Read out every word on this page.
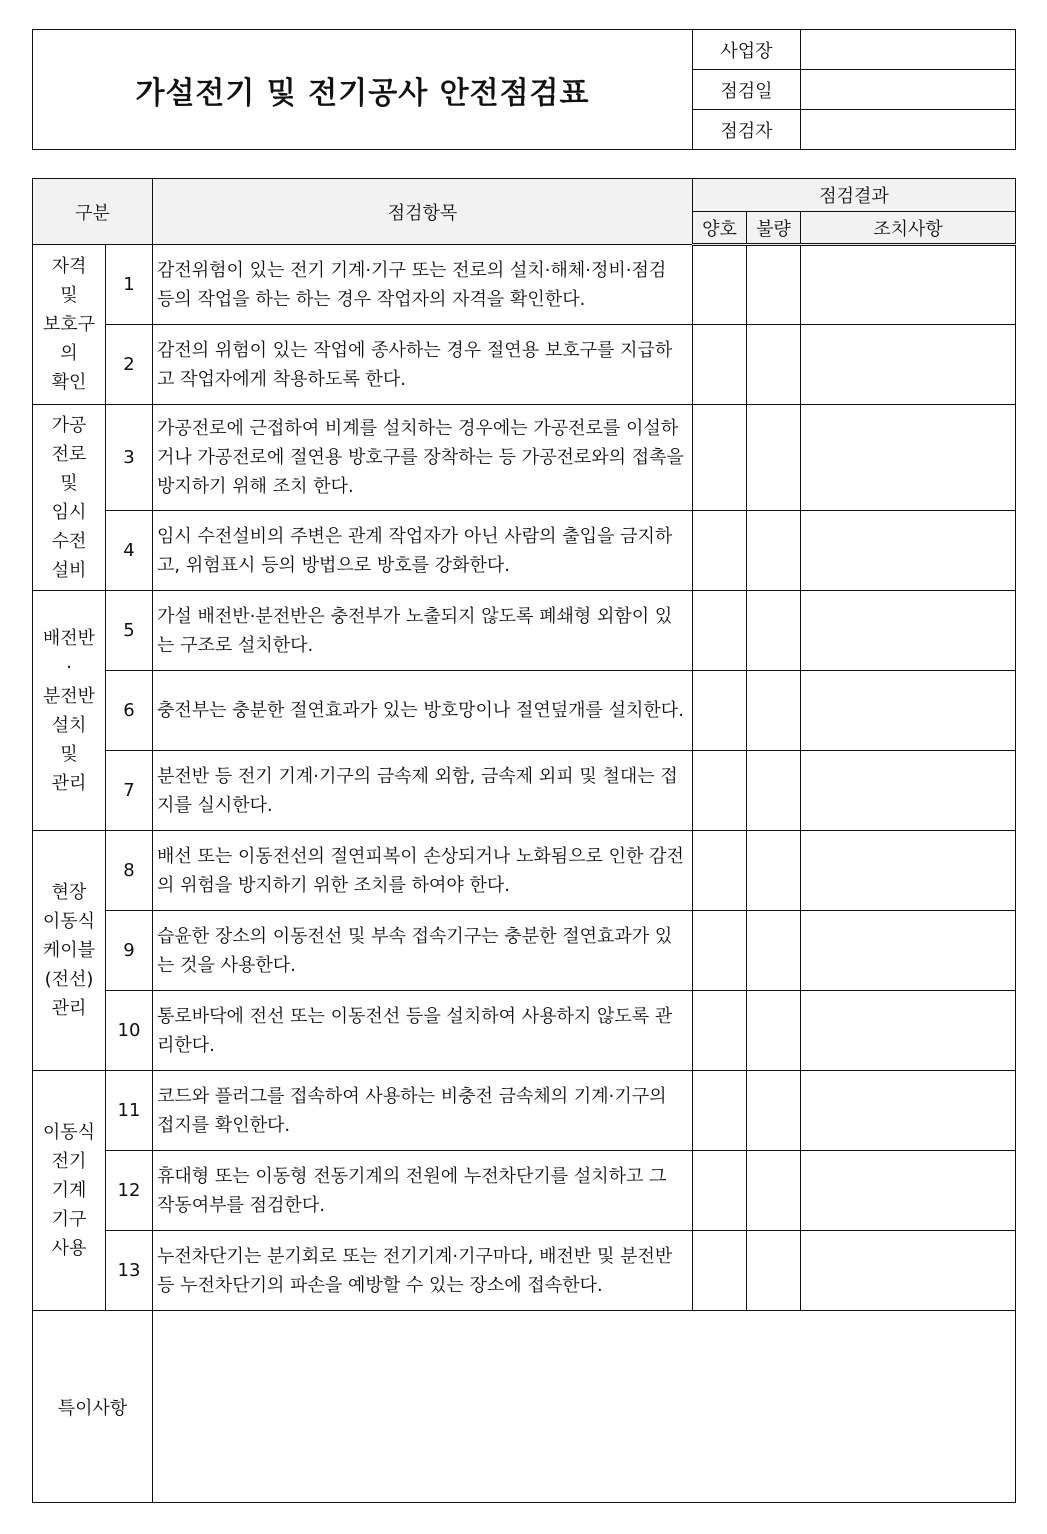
가설전기 및 전기공사 안전점검표	사업장	
	점검일	
	점검자	
구분		점검항목	점검결과		
			양호	불량	조치사항

자격 및
보호구
의
확인	1	감전위험이 있는 전기 기계·기구 또는 전로의 설치·해체·정비·점검 등의 작업을 하는 하는 경우 작업자의 자격을 확인한다.			
	2	감전의 위험이 있는 작업에 종사하는 경우 절연용 보호구를 지급하고 작업자에게 착용하도록 한다.			

가공
전로 및
임시
수전
설비	3	가공전로에 근접하여 비계를 설치하는 경우에는 가공전로를 이설하거나 가공전로에 절연용 방호구를 장착하는 등 가공전로와의 접촉을 방지하기 위해 조치 한다.			
	4	임시 수전설비의 주변은 관계 작업자가 아닌 사람의 출입을 금지하고, 위험표시 등의 방법으로 방호를 강화한다.			

배전반·
분전반
설치 및
관리	5	가설 배전반·분전반은 충전부가 노출되지 않도록 폐쇄형 외함이 있는 구조로 설치한다.			
	6	충전부는 충분한 절연효과가 있는 방호망이나 절연덮개를 설치한다.			
	7	분전반 등 전기 기계·기구의 금속제 외함, 금속제 외피 및 철대는 접지를 실시한다.			

현장
이동식
케이블
(전선)
관리	8	배선 또는 이동전선의 절연피복이 손상되거나 노화됨으로 인한 감전의 위험을 방지하기 위한 조치를 하여야 한다.			
	9	습윤한 장소의 이동전선 및 부속 접속기구는 충분한 절연효과가 있는 것을 사용한다.			
	10	통로바닥에 전선 또는 이동전선 등을 설치하여 사용하지 않도록 관리한다.			

이동식
전기
기계
기구
사용	11	코드와 플러그를 접속하여 사용하는 비충전 금속체의 기계·기구의 접지를 확인한다.			
	12	휴대형 또는 이동형 전동기계의 전원에 누전차단기를 설치하고 그 작동여부를 점검한다.			
	13	누전차단기는 분기회로 또는 전기기계·기구마다, 배전반 및 분전반 등 누전차단기의 파손을 예방할 수 있는 장소에 접속한다.			
특이사항					
